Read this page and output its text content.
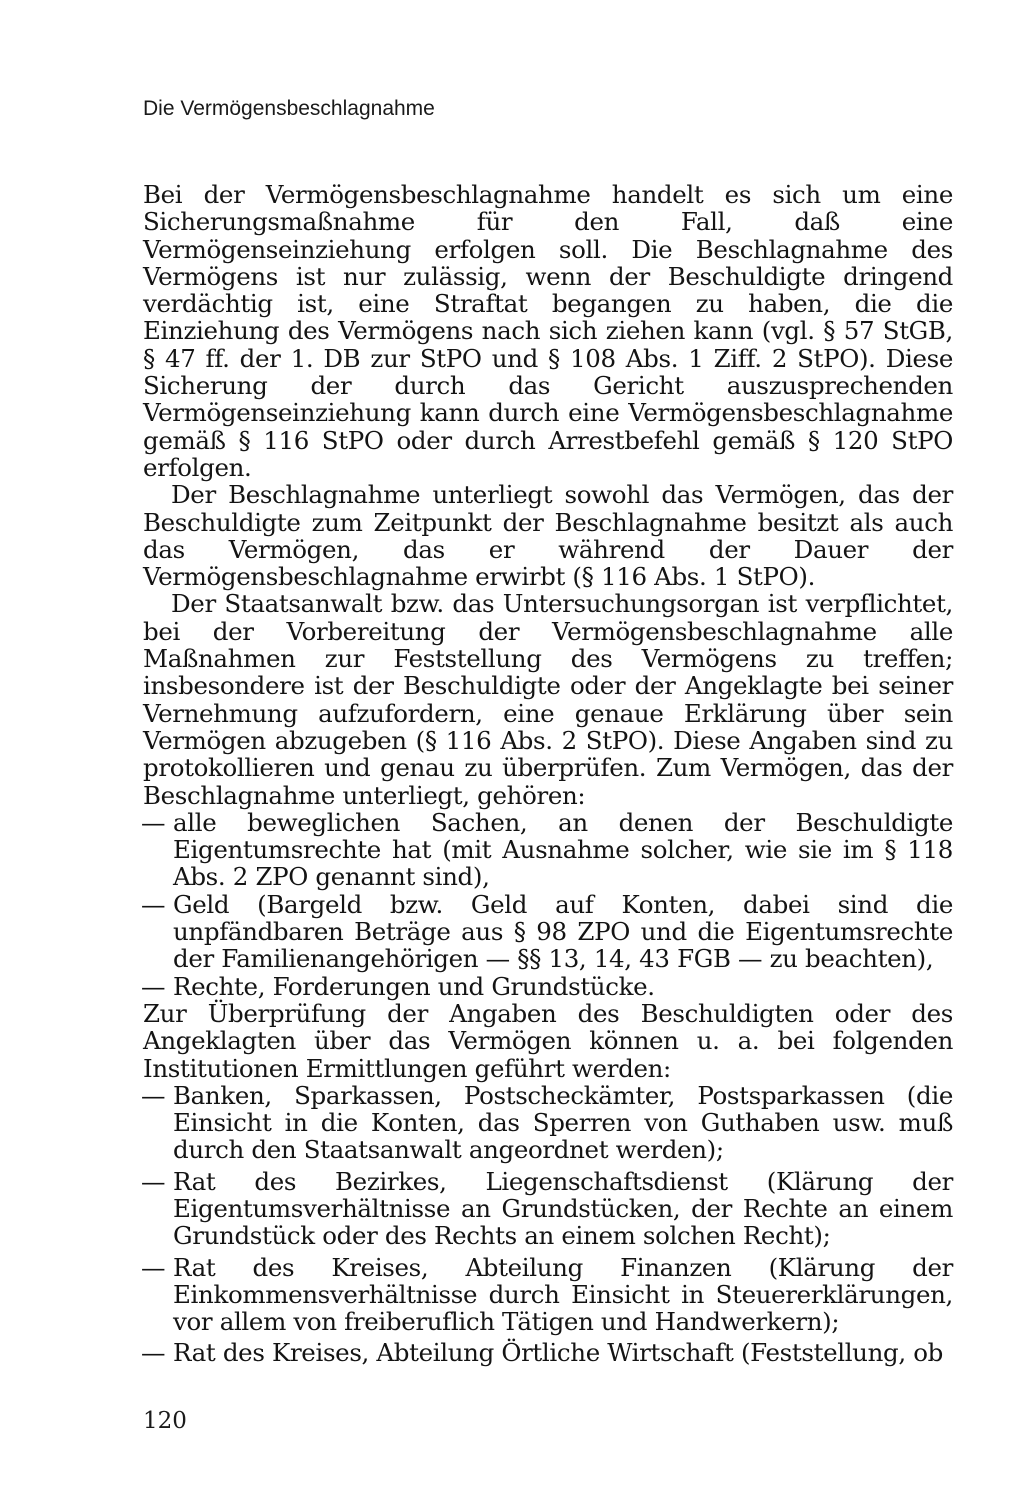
Die Vermögensbeschlagnahme

Bei der Vermögensbeschlagnahme handelt es sich um eine Sicherungsmaßnahme für den Fall, daß eine Vermögenseinziehung erfolgen soll. Die Beschlagnahme des Vermögens ist nur zulässig, wenn der Beschuldigte dringend verdächtig ist, eine Straftat begangen zu haben, die die Einziehung des Vermögens nach sich ziehen kann (vgl. § 57 StGB, § 47 ff. der 1. DB zur StPO und § 108 Abs. 1 Ziff. 2 StPO). Diese Sicherung der durch das Gericht auszusprechenden Vermögenseinziehung kann durch eine Vermögensbeschlagnahme gemäß § 116 StPO oder durch Arrestbefehl gemäß § 120 StPO erfolgen.

Der Beschlagnahme unterliegt sowohl das Vermögen, das der Beschuldigte zum Zeitpunkt der Beschlagnahme besitzt als auch das Vermögen, das er während der Dauer der Vermögensbeschlagnahme erwirbt (§ 116 Abs. 1 StPO).

Der Staatsanwalt bzw. das Untersuchungsorgan ist verpflichtet, bei der Vorbereitung der Vermögensbeschlagnahme alle Maßnahmen zur Feststellung des Vermögens zu treffen; insbesondere ist der Beschuldigte oder der Angeklagte bei seiner Vernehmung aufzufordern, eine genaue Erklärung über sein Vermögen abzugeben (§ 116 Abs. 2 StPO). Diese Angaben sind zu protokollieren und genau zu überprüfen. Zum Vermögen, das der Beschlagnahme unterliegt, gehören:

— alle beweglichen Sachen, an denen der Beschuldigte Eigentumsrechte hat (mit Ausnahme solcher, wie sie im § 118 Abs. 2 ZPO genannt sind),
— Geld (Bargeld bzw. Geld auf Konten, dabei sind die unpfändbaren Beträge aus § 98 ZPO und die Eigentumsrechte der Familienangehörigen — §§ 13, 14, 43 FGB — zu beachten),
— Rechte, Forderungen und Grundstücke.

Zur Überprüfung der Angaben des Beschuldigten oder des Angeklagten über das Vermögen können u. a. bei folgenden Institutionen Ermittlungen geführt werden:

— Banken, Sparkassen, Postscheckämter, Postsparkassen (die Einsicht in die Konten, das Sperren von Guthaben usw. muß durch den Staatsanwalt angeordnet werden);
— Rat des Bezirkes, Liegenschaftsdienst (Klärung der Eigentumsverhältnisse an Grundstücken, der Rechte an einem Grundstück oder des Rechts an einem solchen Recht);
— Rat des Kreises, Abteilung Finanzen (Klärung der Einkommensverhältnisse durch Einsicht in Steuererklärungen, vor allem von freiberuflich Tätigen und Handwerkern);
— Rat des Kreises, Abteilung Örtliche Wirtschaft (Feststellung, ob
120
